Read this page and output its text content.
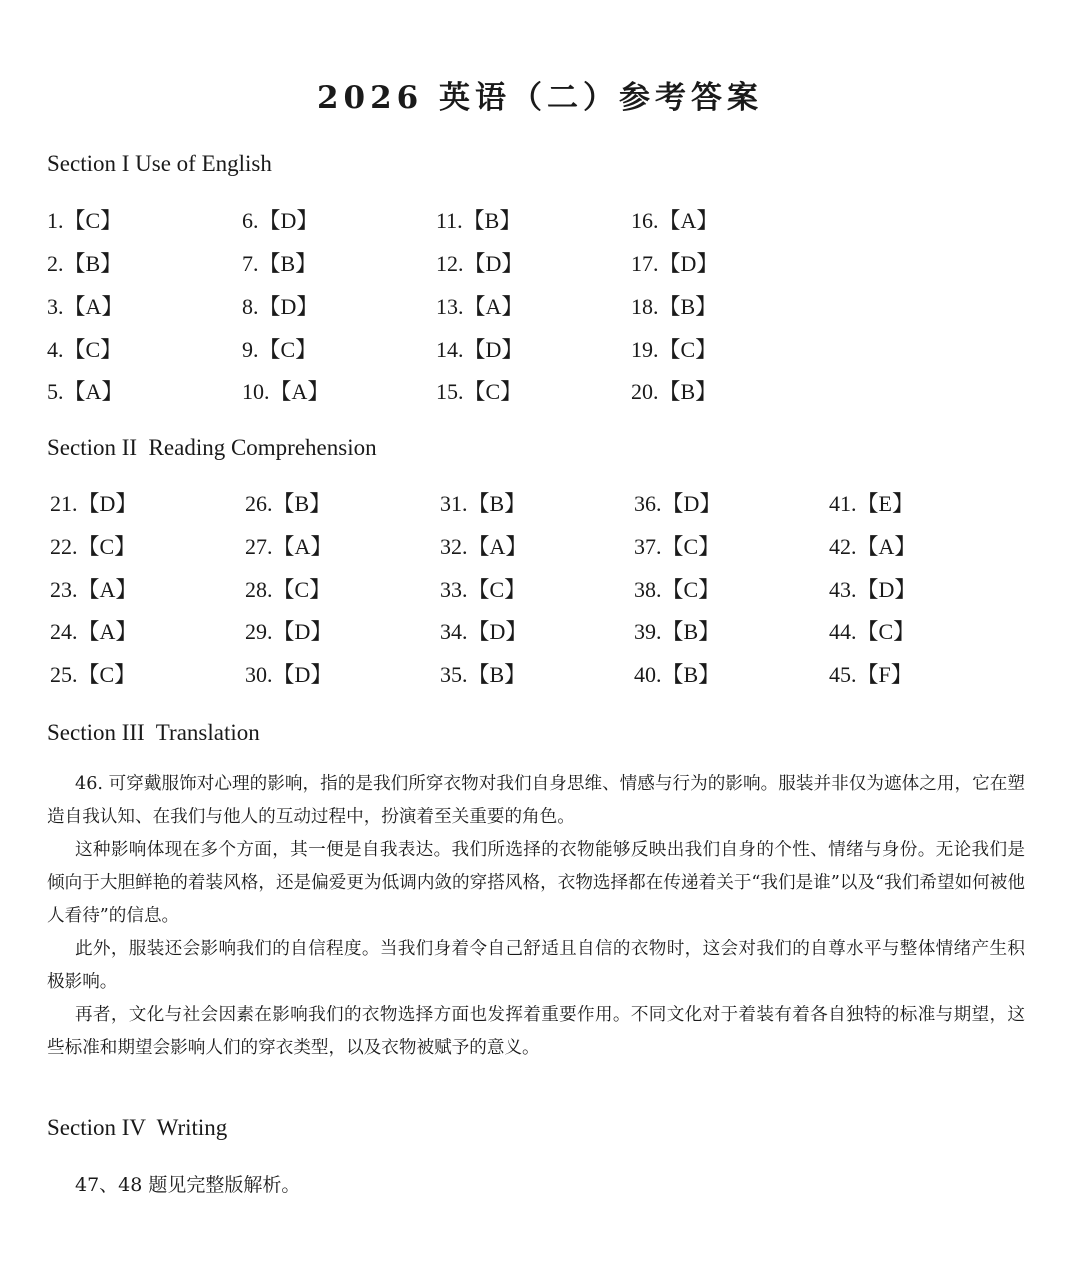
2026 英语（二）参考答案
Section I Use of English
1.【C】
2.【B】
3.【A】
4.【C】
5.【A】
6.【D】
7.【B】
8.【D】
9.【C】
10.【A】
11.【B】
12.【D】
13.【A】
14.【D】
15.【C】
16.【A】
17.【D】
18.【B】
19.【C】
20.【B】
Section II  Reading Comprehension
21.【D】
22.【C】
23.【A】
24.【A】
25.【C】
26.【B】
27.【A】
28.【C】
29.【D】
30.【D】
31.【B】
32.【A】
33.【C】
34.【D】
35.【B】
36.【D】
37.【C】
38.【C】
39.【B】
40.【B】
41.【E】
42.【A】
43.【D】
44.【C】
45.【F】
Section III  Translation

46. 可穿戴服饰对心理的影响，指的是我们所穿衣物对我们自身思维、情感与行为的影响。服装并非仅为遮体之用，它在塑造自我认知、在我们与他人的互动过程中，扮演着至关重要的角色。

这种影响体现在多个方面，其一便是自我表达。我们所选择的衣物能够反映出我们自身的个性、情绪与身份。无论我们是倾向于大胆鲜艳的着装风格，还是偏爱更为低调内敛的穿搭风格，衣物选择都在传递着关于“我们是谁”以及“我们希望如何被他人看待”的信息。

此外，服装还会影响我们的自信程度。当我们身着令自己舒适且自信的衣物时，这会对我们的自尊水平与整体情绪产生积极影响。

再者，文化与社会因素在影响我们的衣物选择方面也发挥着重要作用。不同文化对于着装有着各自独特的标准与期望，这些标准和期望会影响人们的穿衣类型，以及衣物被赋予的意义。

Section IV  Writing
47、48 题见完整版解析。
